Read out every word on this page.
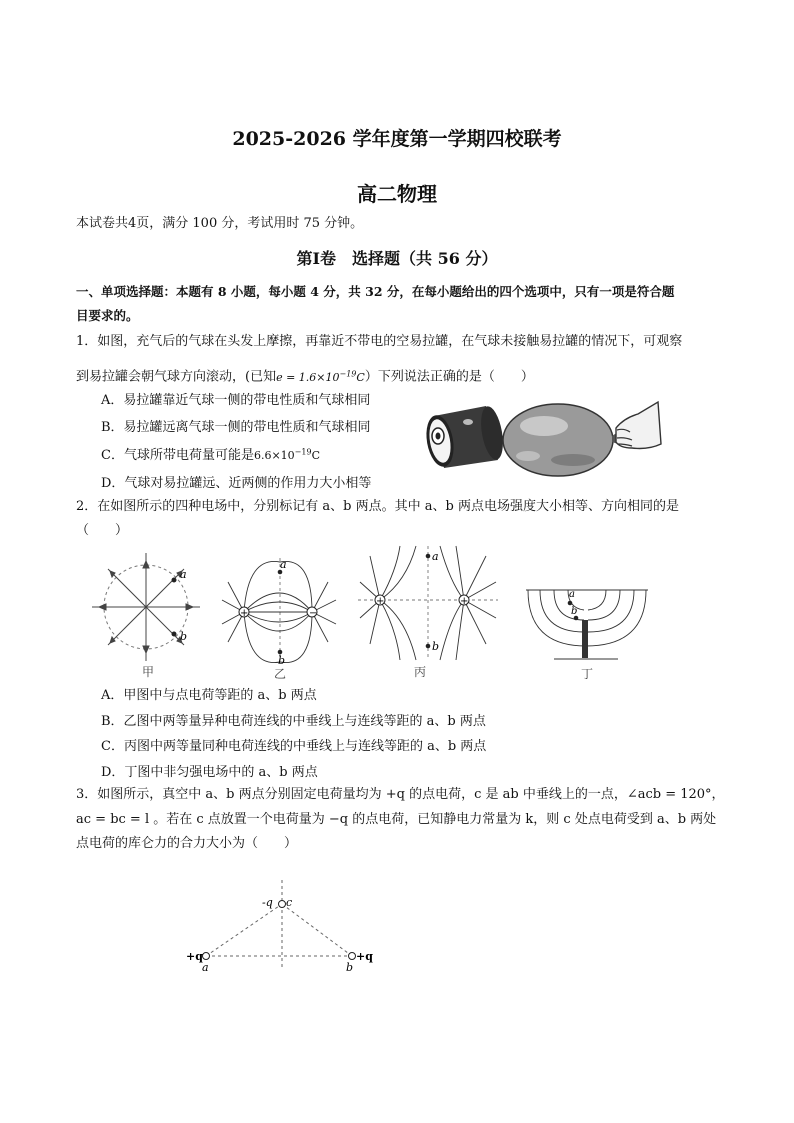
2025-2026 学年度第一学期四校联考
高二物理
本试卷共4页，满分 100 分，考试用时 75 分钟。
第Ⅰ卷　选择题（共 56 分）
一、单项选择题：本题有 8 小题，每小题 4 分，共 32 分，在每小题给出的四个选项中，只有一项是符合题
目要求的。
1．如图，充气后的气球在头发上摩擦，再靠近不带电的空易拉罐，在气球未接触易拉罐的情况下，可观察
到易拉罐会朝气球方向滚动，(已知$e = 1.6\times 10^{-19}C$）下列说法正确的是（　　）
A．易拉罐靠近气球一侧的带电性质和气球相同
B．易拉罐远离气球一侧的带电性质和气球相同
C．气球所带电荷量可能是$6.6\times 10^{-19}C$
D．气球对易拉罐远、近两侧的作用力大小相等
2．在如图所示的四种电场中，分别标记有 a、b 两点。其中 a、b 两点电场强度大小相等、方向相同的是
（　　）
a
b
甲
+	−
a
b
乙
+	+
a
b
丙
a
b
丁
A．甲图中与点电荷等距的 a、b 两点
B．乙图中两等量异种电荷连线的中垂线上与连线等距的 a、b 两点
C．丙图中两等量同种电荷连线的中垂线上与连线等距的 a、b 两点
D．丁图中非匀强电场中的 a、b 两点
3．如图所示，真空中 a、b 两点分别固定电荷量均为 +q 的点电荷，c 是 ab 中垂线上的一点，∠acb = 120°，
ac = bc = l 。若在 c 点放置一个电荷量为 −q 的点电荷，已知静电力常量为 k，则 c 处点电荷受到 a、b 两处
点电荷的库仑力的合力大小为（　　）
-q c
+q
a	b
+q
